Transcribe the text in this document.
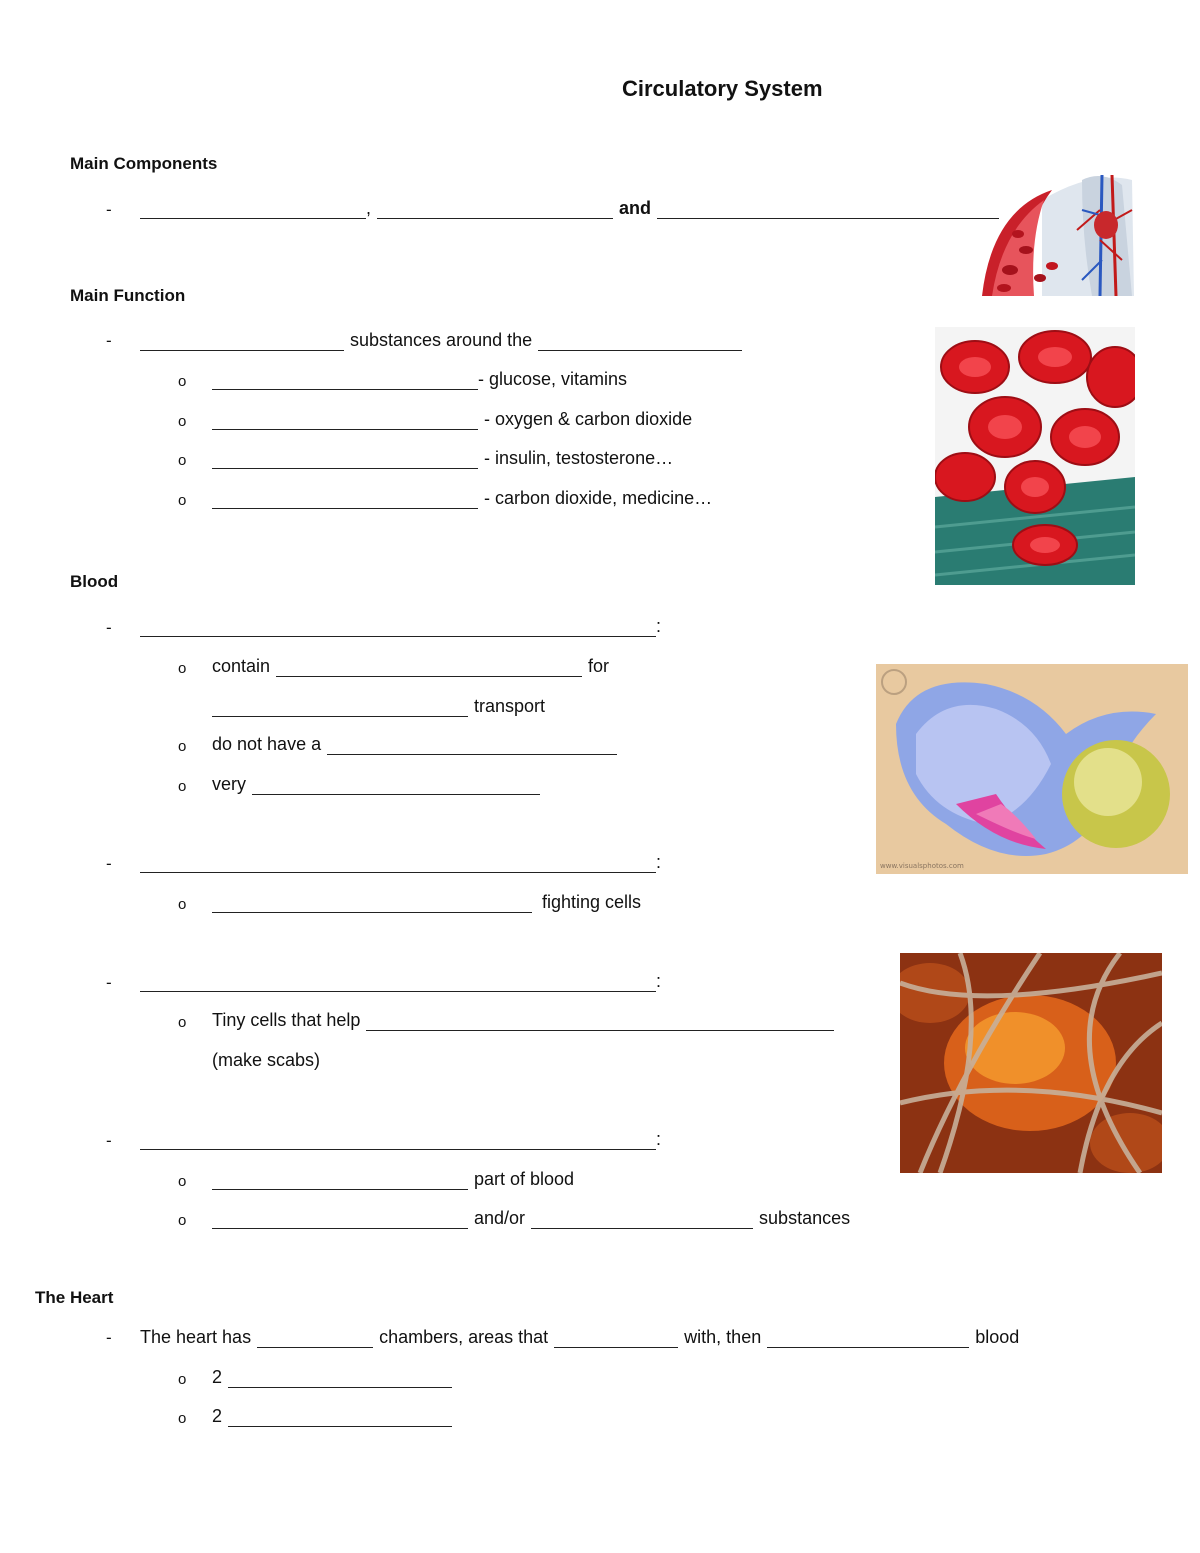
Circulatory System
Main Components
-	,	and
Main Function
-	substances around the
o	- glucose, vitamins
o	- oxygen & carbon dioxide
o	- insulin, testosterone…
o	- carbon dioxide, medicine…
Blood
-	:
o contain	for
transport
o do not have a
o very
-	:
o	fighting cells
-	:
o Tiny cells that help
(make scabs)
-	:
o	part of blood
o	and/or	substances
The Heart
- The heart has	chambers, areas that	with, then	blood
o 2
o 2
www.visualsphotos.com
